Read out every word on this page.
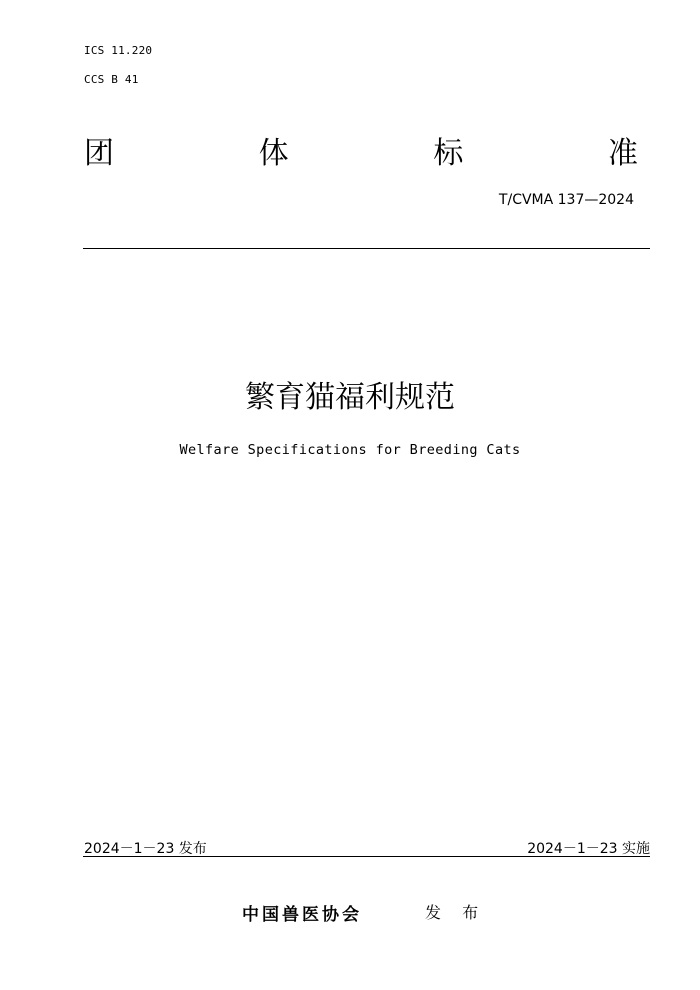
ICS 11.220
CCS B 41
团	体	标	准
T/CVMA 137—2024
繁育猫福利规范
Welfare Specifications for Breeding Cats
2024－1－23 发布	2024－1－23 实施
中国兽医协会	发 布
